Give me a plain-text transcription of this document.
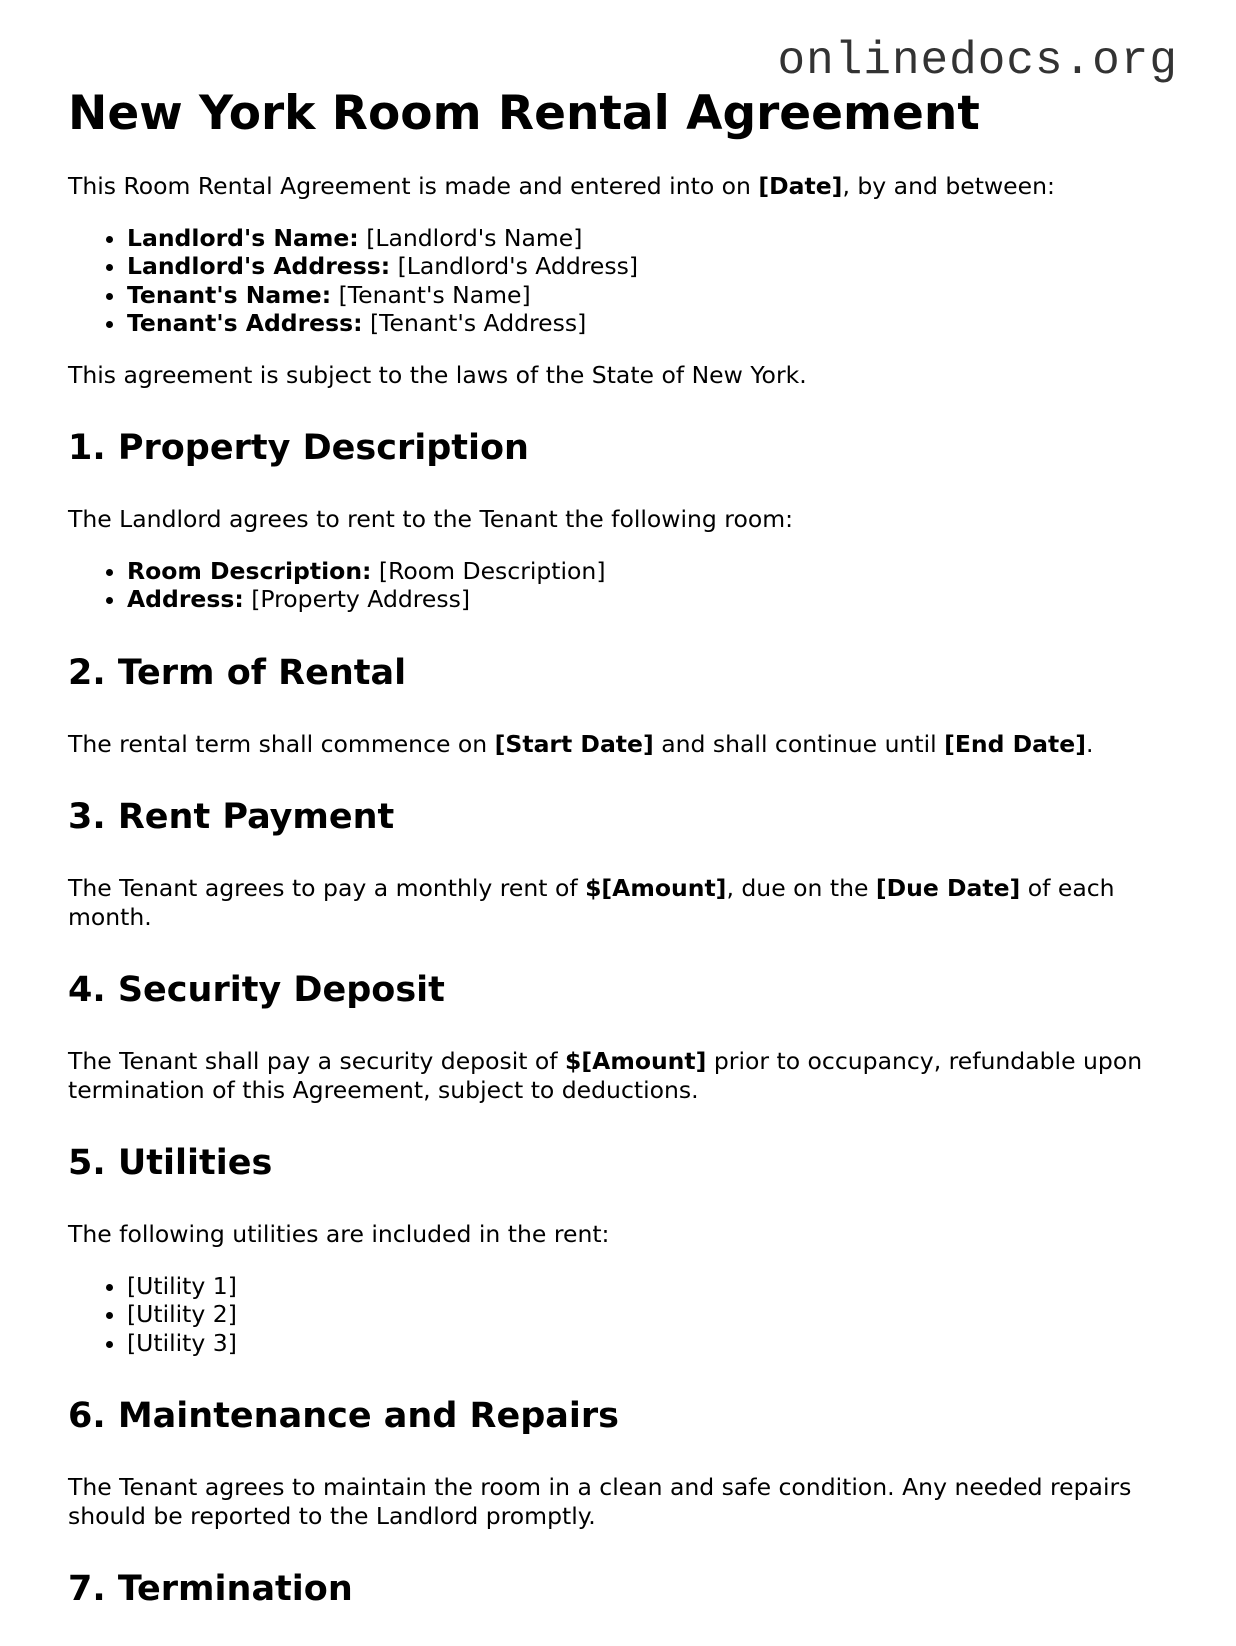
onlinedocs.org
New York Room Rental Agreement

This Room Rental Agreement is made and entered into on [Date], by and between:

• Landlord's Name: [Landlord's Name]
• Landlord's Address: [Landlord's Address]
• Tenant's Name: [Tenant's Name]
• Tenant's Address: [Tenant's Address]

This agreement is subject to the laws of the State of New York.

1. Property Description

The Landlord agrees to rent to the Tenant the following room:

• Room Description: [Room Description]
• Address: [Property Address]
2. Term of Rental

The rental term shall commence on [Start Date] and shall continue until [End Date].

3. Rent Payment

The Tenant agrees to pay a monthly rent of $[Amount], due on the [Due Date] of each month.

4. Security Deposit

The Tenant shall pay a security deposit of $[Amount] prior to occupancy, refundable upon termination of this Agreement, subject to deductions.

5. Utilities

The following utilities are included in the rent:

• [Utility 1]
• [Utility 2]
• [Utility 3]
6. Maintenance and Repairs

The Tenant agrees to maintain the room in a clean and safe condition. Any needed repairs should be reported to the Landlord promptly.

7. Termination
